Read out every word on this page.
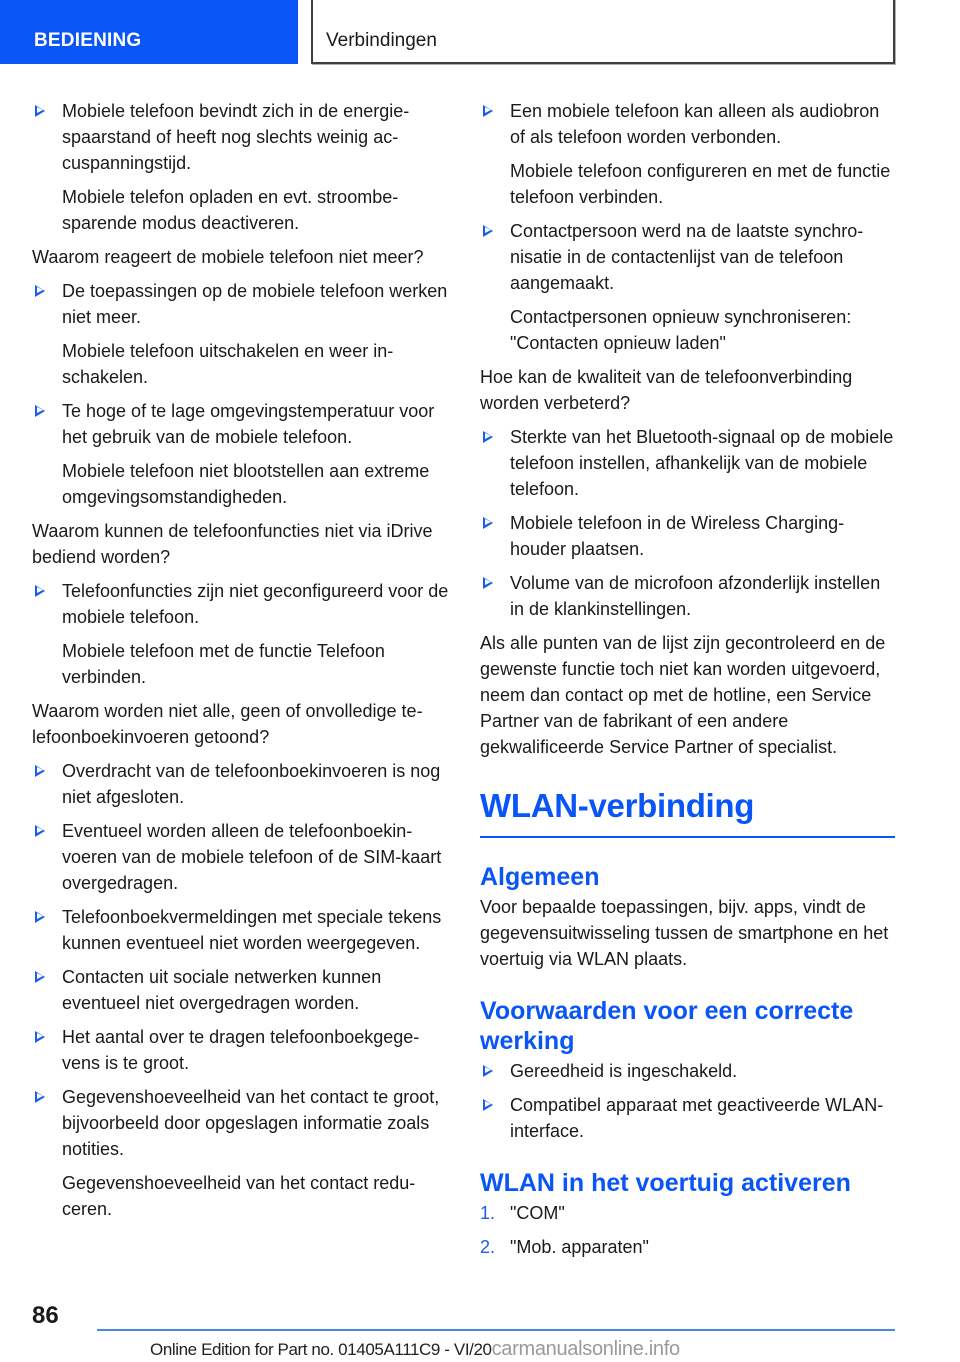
BEDIENING	Verbindingen
Mobiele telefoon bevindt zich in de energiespaarstand of heeft nog slechts weinig accuspanningstijd.
Mobiele telefon opladen en evt. stroombesparende modus deactiveren.
Waarom reageert de mobiele telefoon niet meer?
De toepassingen op de mobiele telefoon werken niet meer.
Mobiele telefoon uitschakelen en weer inschakelen.
Te hoge of te lage omgevingstemperatuur voor het gebruik van de mobiele telefoon.
Mobiele telefoon niet blootstellen aan extreme omgevingsomstandigheden.
Waarom kunnen de telefoonfuncties niet via iDrive bediend worden?
Telefoonfuncties zijn niet geconfigureerd voor de mobiele telefoon.
Mobiele telefoon met de functie Telefoon verbinden.
Waarom worden niet alle, geen of onvolledige telefoonboekinvoeren getoond?
Overdracht van de telefoonboekinvoeren is nog niet afgesloten.
Eventueel worden alleen de telefoonboekinvoeren van de mobiele telefoon of de SIM-kaart overgedragen.
Telefoonboekvermeldingen met speciale tekens kunnen eventueel niet worden weergegeven.
Contacten uit sociale netwerken kunnen eventueel niet overgedragen worden.
Het aantal over te dragen telefoonboekgegevens is te groot.
Gegevenshoeveelheid van het contact te groot, bijvoorbeeld door opgeslagen informatie zoals notities.
Gegevenshoeveelheid van het contact reduceren.
Een mobiele telefoon kan alleen als audiobron of als telefoon worden verbonden.
Mobiele telefoon configureren en met de functie telefoon verbinden.
Contactpersoon werd na de laatste synchronisatie in de contactenlijst van de telefoon aangemaakt.
Contactpersonen opnieuw synchroniseren: "Contacten opnieuw laden"
Hoe kan de kwaliteit van de telefoonverbinding worden verbeterd?
Sterkte van het Bluetooth-signaal op de mobiele telefoon instellen, afhankelijk van de mobiele telefoon.
Mobiele telefoon in de Wireless Charging-houder plaatsen.
Volume van de microfoon afzonderlijk instellen in de klankinstellingen.
Als alle punten van de lijst zijn gecontroleerd en de gewenste functie toch niet kan worden uitgevoerd, neem dan contact op met de hotline, een Service Partner van de fabrikant of een andere gekwalificeerde Service Partner of specialist.
WLAN-verbinding
Algemeen
Voor bepaalde toepassingen, bijv. apps, vindt de gegevensuitwisseling tussen de smartphone en het voertuig via WLAN plaats.
Voorwaarden voor een correcte werking
Gereedheid is ingeschakeld.
Compatibel apparaat met geactiveerde WLAN-interface.
WLAN in het voertuig activeren
1. "COM"
2. "Mob. apparaten"
86
Online Edition for Part no. 01405A111C9 - VI/20carmanualsonline.info
